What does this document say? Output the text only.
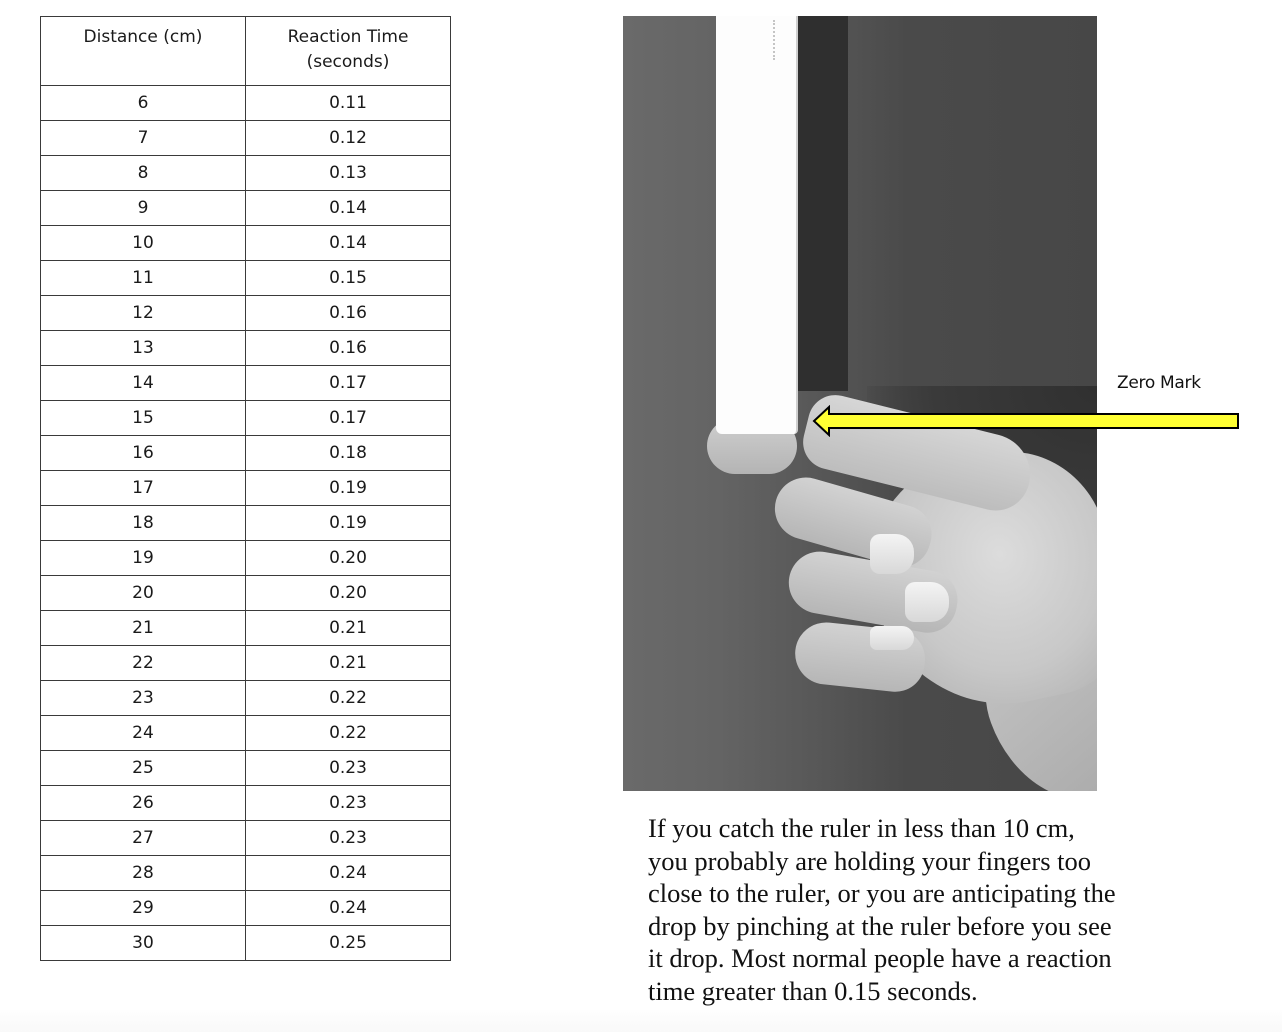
Distance (cm)	Reaction Time
(seconds)

6	0.11
7	0.12
8	0.13
9	0.14
10	0.14
11	0.15
12	0.16
13	0.16
14	0.17
15	0.17
16	0.18
17	0.19
18	0.19
19	0.20
20	0.20
21	0.21
22	0.21
23	0.22
24	0.22
25	0.23
26	0.23
27	0.23
28	0.24
29	0.24
30	0.25
Zero Mark

If you catch the ruler in less than 10 cm,
you probably are holding your fingers too
close to the ruler, or you are anticipating the
drop by pinching at the ruler before you see
it drop. Most normal people have a reaction
time greater than 0.15 seconds.
